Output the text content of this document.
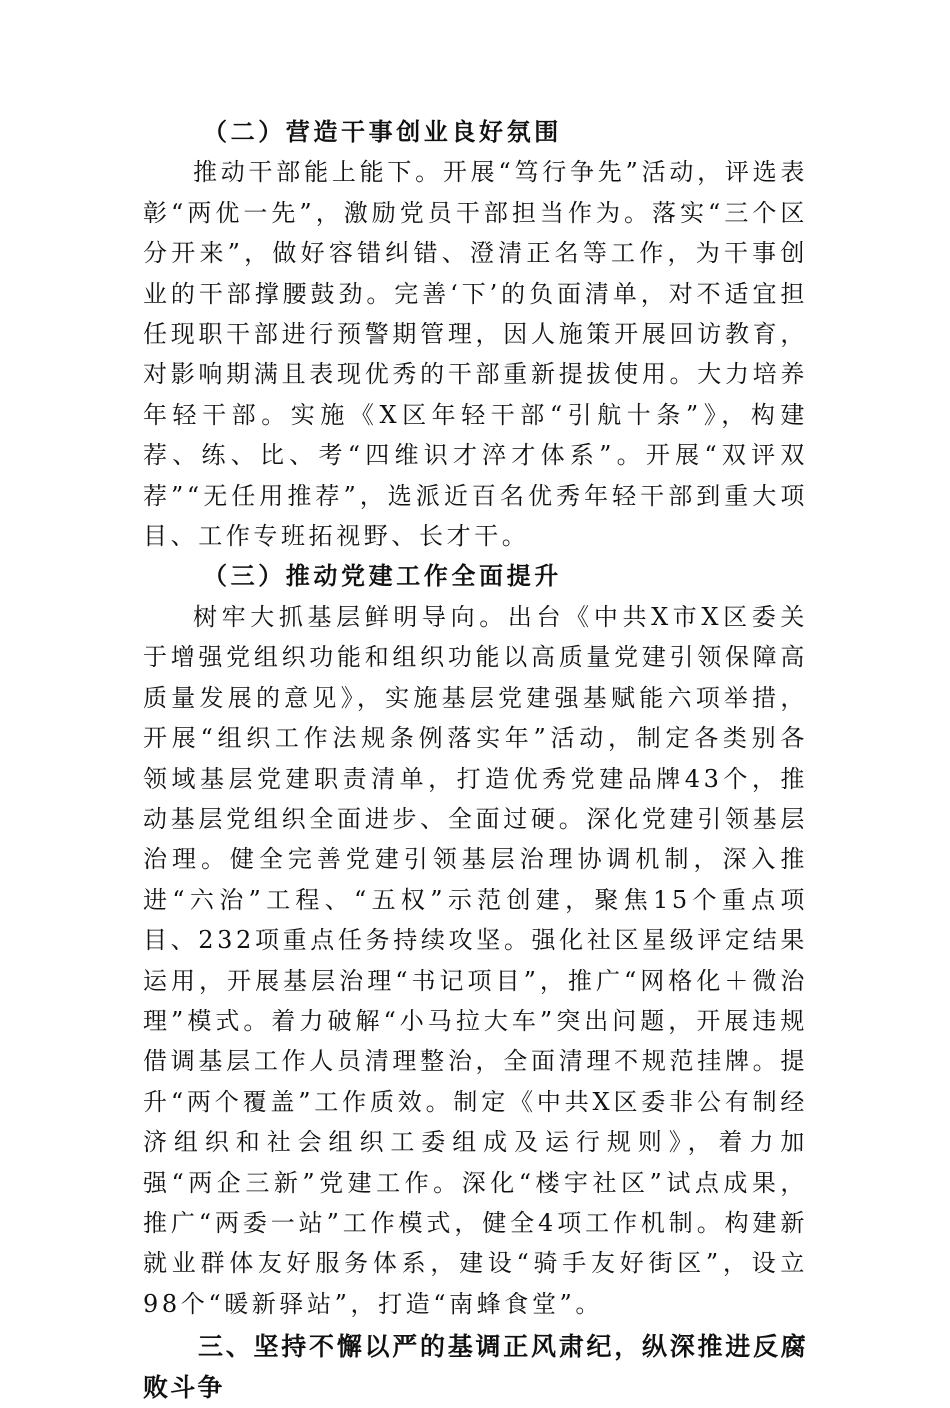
（二）营造干事创业良好氛围

推动干部能上能下。开展“笃行争先”活动，评选表彰“两优一先”，激励党员干部担当作为。落实“三个区分开来”，做好容错纠错、澄清正名等工作，为干事创业的干部撑腰鼓劲。完善‘下’的负面清单，对不适宜担任现职干部进行预警期管理，因人施策开展回访教育，对影响期满且表现优秀的干部重新提拔使用。大力培养年轻干部。实施《X区年轻干部“引航十条”》，构建荐、练、比、考“四维识才淬才体系”。开展“双评双荐”“无任用推荐”，选派近百名优秀年轻干部到重大项目、工作专班拓视野、长才干。

（三）推动党建工作全面提升

树牢大抓基层鲜明导向。出台《中共X市X区委关于增强党组织功能和组织功能以高质量党建引领保障高质量发展的意见》，实施基层党建强基赋能六项举措，开展“组织工作法规条例落实年”活动，制定各类别各领域基层党建职责清单，打造优秀党建品牌43个，推动基层党组织全面进步、全面过硬。深化党建引领基层治理。健全完善党建引领基层治理协调机制，深入推进“六治”工程、“五权”示范创建，聚焦15个重点项目、232项重点任务持续攻坚。强化社区星级评定结果运用，开展基层治理“书记项目”，推广“网格化＋微治理”模式。着力破解“小马拉大车”突出问题，开展违规借调基层工作人员清理整治，全面清理不规范挂牌。提升“两个覆盖”工作质效。制定《中共X区委非公有制经济组织和社会组织工委组成及运行规则》，着力加强“两企三新”党建工作。深化“楼宇社区”试点成果，推广“两委一站”工作模式，健全4项工作机制。构建新就业群体友好服务体系，建设“骑手友好街区”，设立98个“暖新驿站”，打造“南蜂食堂”。

三、坚持不懈以严的基调正风肃纪，纵深推进反腐败斗争
